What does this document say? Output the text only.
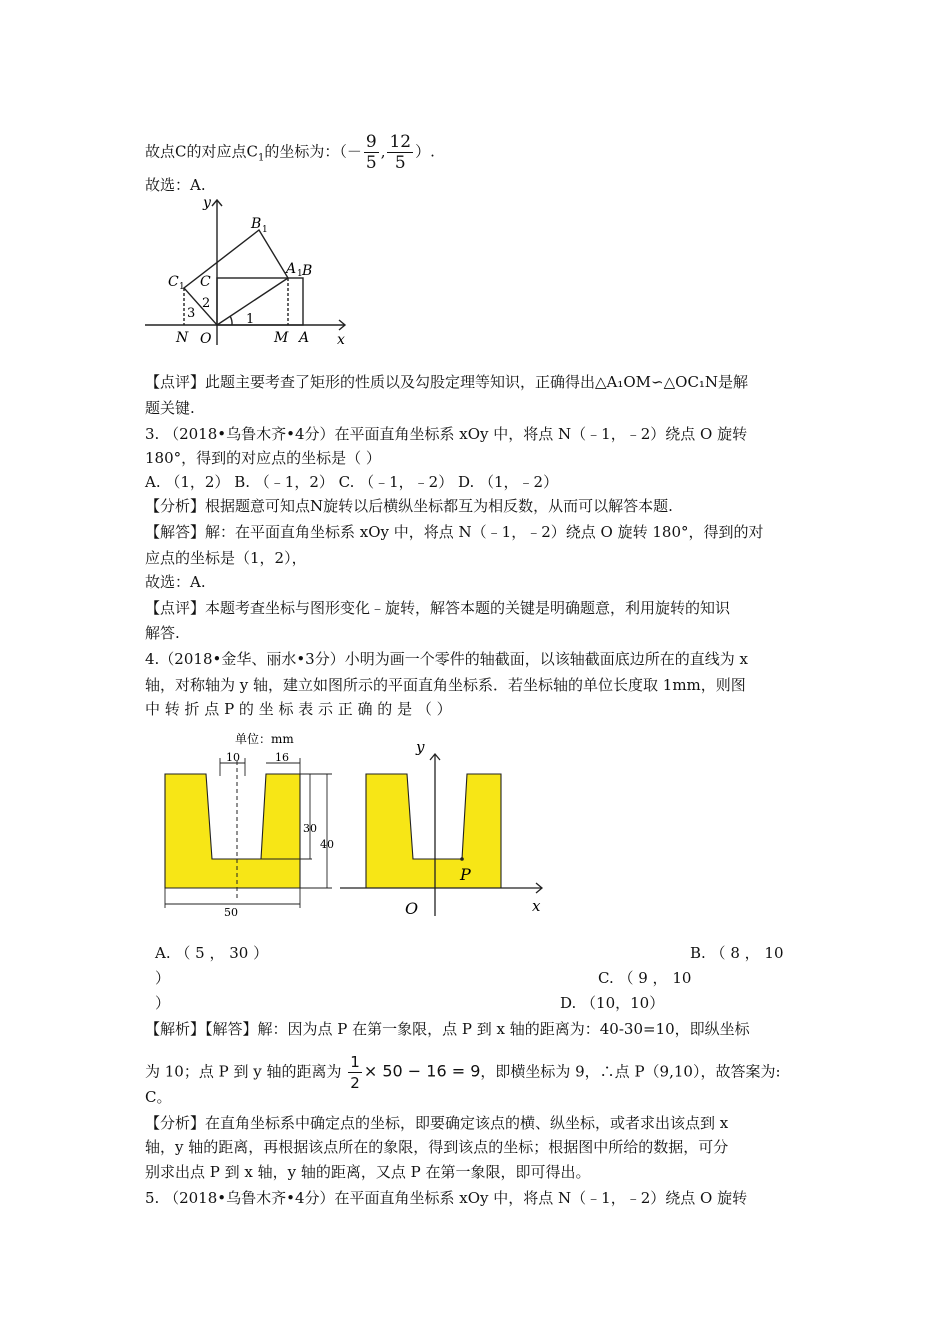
故点C的对应点$C_1$的坐标为：（－ $\frac{9}{5}$ , $\frac{12}{5}$ ）.
故选：A.
y
x
B 1
A 1 B
C 1 C
2
3	1
N O	M A
【点评】此题主要考查了矩形的性质以及勾股定理等知识，正确得出△A₁OM∽△OC₁N是解
题关键.
3. （2018•乌鲁木齐•4分）在平面直角坐标系 xOy 中，将点 N（﹣1，﹣2）绕点 O 旋转
180°，得到的对应点的坐标是（ ）
A. （1，2） B. （﹣1，2） C. （﹣1，﹣2） D. （1，﹣2）
【分析】根据题意可知点N旋转以后横纵坐标都互为相反数，从而可以解答本题.
【解答】解：在平面直角坐标系 xOy 中，将点 N（﹣1，﹣2）绕点 O 旋转 180°，得到的对
应点的坐标是（1，2），
故选：A.
【点评】本题考查坐标与图形变化﹣旋转，解答本题的关键是明确题意，利用旋转的知识
解答.
4.（2018•金华、丽水•3分）小明为画一个零件的轴截面，以该轴截面底边所在的直线为 x
轴，对称轴为 y 轴，建立如图所示的平面直角坐标系．若坐标轴的单位长度取 1mm，则图
中 转 折 点 P 的 坐 标 表 示 正 确 的 是 （ ）
单位：mm
10	16
30
40
50
y
x
P
O
A. （ 5 ， 30 ）	B. （ 8 ， 10
）	C. （ 9 ， 10
）	D. （10，10）
【解析】【解答】解：因为点 P 在第一象限，点 P 到 x 轴的距离为：40-30=10，即纵坐标
为 10；点 P 到 y 轴的距离为 $\frac{1}{2} \times 50 - 16 = 9$，即横坐标为 9，∴点 P（9,10），故答案为:
C。
【分析】在直角坐标系中确定点的坐标，即要确定该点的横、纵坐标，或者求出该点到 x
轴，y 轴的距离，再根据该点所在的象限，得到该点的坐标；根据图中所给的数据，可分
别求出点 P 到 x 轴，y 轴的距离，又点 P 在第一象限，即可得出。
5. （2018•乌鲁木齐•4分）在平面直角坐标系 xOy 中，将点 N（﹣1，﹣2）绕点 O 旋转
